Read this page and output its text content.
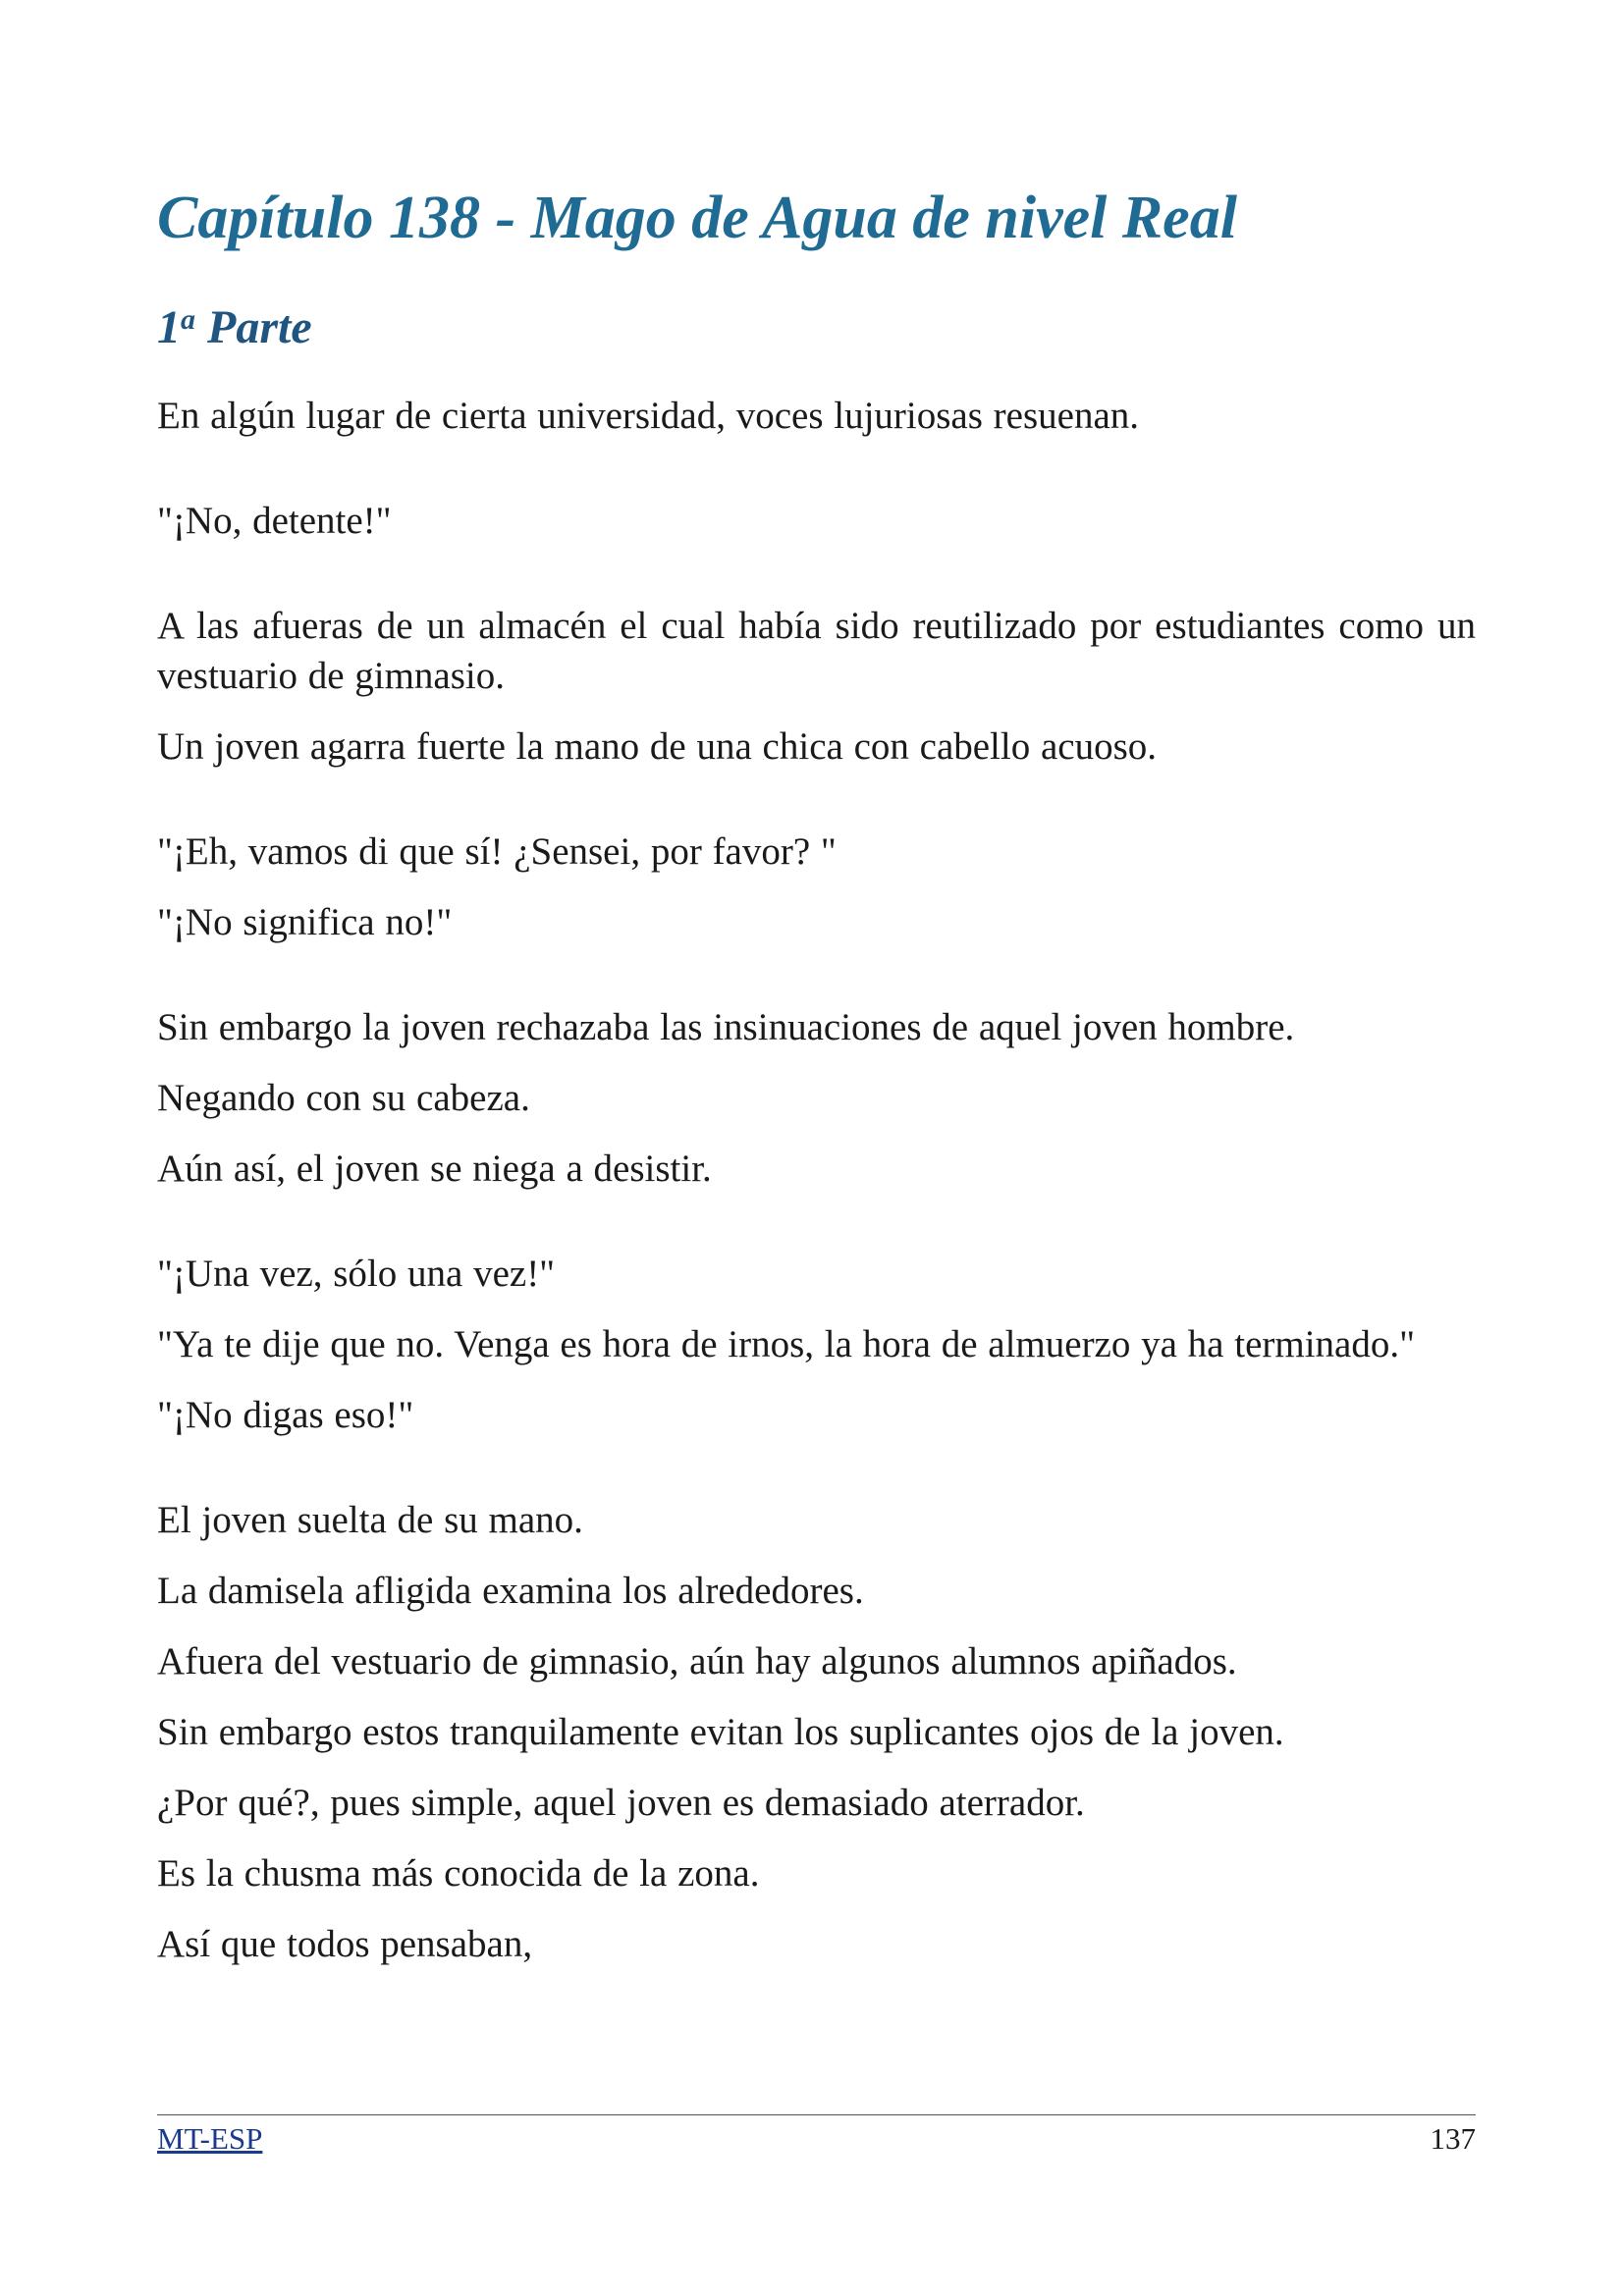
Capítulo 138 - Mago de Agua de nivel Real
1$^a$ Parte

En algún lugar de cierta universidad, voces lujuriosas resuenan.

"¡No, detente!"

A las afueras de un almacén el cual había sido reutilizado por estudiantes como un vestuario de gimnasio.

Un joven agarra fuerte la mano de una chica con cabello acuoso.

"¡Eh, vamos di que sí! ¿Sensei, por favor? "

"¡No significa no!"

Sin embargo la joven rechazaba las insinuaciones de aquel joven hombre.

Negando con su cabeza.

Aún así, el joven se niega a desistir.

"¡Una vez, sólo una vez!"

"Ya te dije que no. Venga es hora de irnos, la hora de almuerzo ya ha terminado."

"¡No digas eso!"

El joven suelta de su mano.

La damisela afligida examina los alrededores.

Afuera del vestuario de gimnasio, aún hay algunos alumnos apiñados.

Sin embargo estos tranquilamente evitan los suplicantes ojos de la joven.

¿Por qué?, pues simple, aquel joven es demasiado aterrador.

Es la chusma más conocida de la zona.

Así que todos pensaban,

MT-ESP	137
